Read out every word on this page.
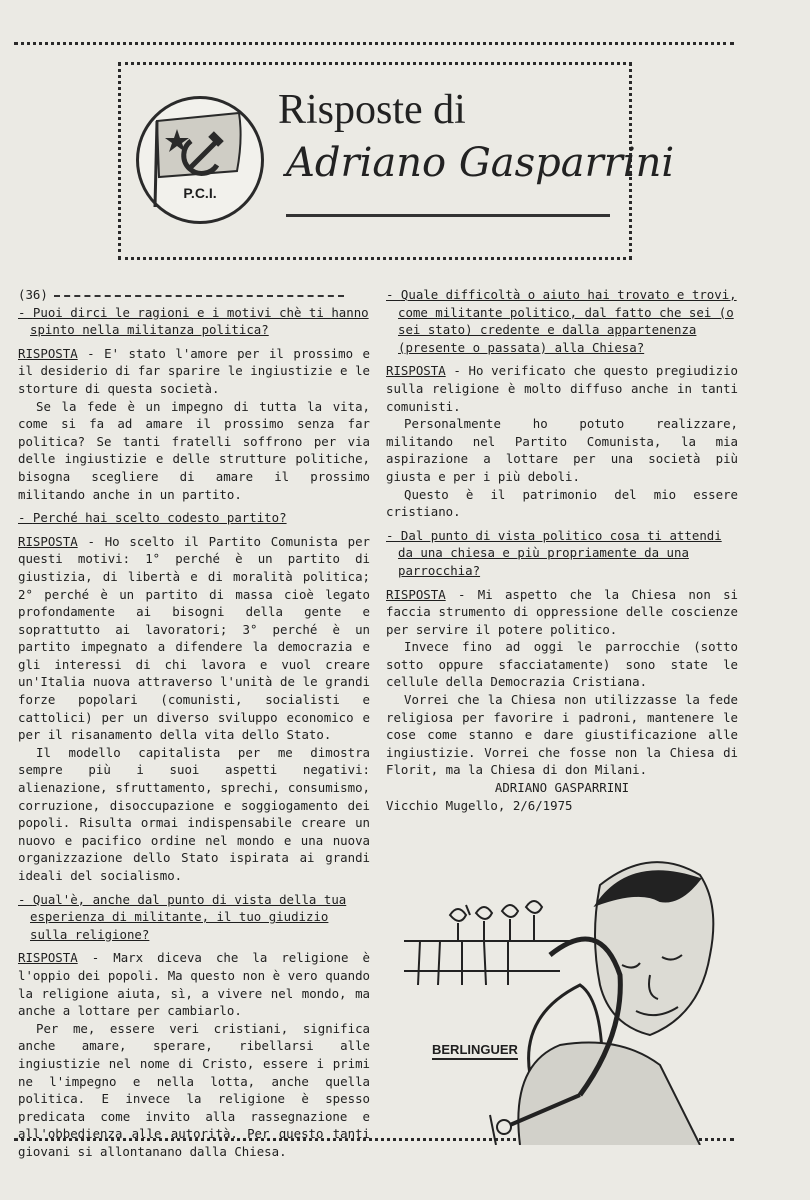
P.C.I.
Risposte di
Adriano Gasparrini

(36)

- Puoi dirci le ragioni e i motivi chè ti hanno spinto nella militanza politica?

RISPOSTA - E' stato l'amore per il prossimo e il desiderio di far sparire le ingiustizie e le storture di questa società.

Se la fede è un impegno di tutta la vita, come si fa ad amare il prossimo senza far politica? Se tanti fratelli soffrono per via delle ingiustizie e delle strutture politiche, bisogna scegliere di amare il prossimo militando anche in un partito.

- Perché hai scelto codesto partito?

RISPOSTA - Ho scelto il Partito Comunista per questi motivi: 1° perché è un partito di giustizia, di libertà e di moralità politica; 2° perché è un partito di massa cioè legato profondamente ai bisogni della gente e soprattutto ai lavoratori; 3° perché è un partito impegnato a difendere la democrazia e gli interessi di chi lavora e vuol creare un'Italia nuova attraverso l'unità de le grandi forze popolari (comunisti, socialisti e cattolici) per un diverso sviluppo economico e per il risanamento della vita dello Stato.

Il modello capitalista per me dimostra sempre più i suoi aspetti negativi: alienazione, sfruttamento, sprechi, consumismo, corruzione, disoccupazione e soggiogamento dei popoli. Risulta ormai indispensabile creare un nuovo e pacifico ordine nel mondo e una nuova organizzazione dello Stato ispirata ai grandi ideali del socialismo.

- Qual'è, anche dal punto di vista della tua esperienza di militante, il tuo giudizio sulla religione?

RISPOSTA - Marx diceva che la religione è l'oppio dei popoli. Ma questo non è vero quando la religione aiuta, sì, a vivere nel mondo, ma anche a lottare per cambiarlo.

Per me, essere veri cristiani, significa anche amare, sperare, ribellarsi alle ingiustizie nel nome di Cristo, essere i primi ne l'impegno e nella lotta, anche quella politica. E invece la religione è spesso predicata come invito alla rassegnazione e all'obbedienza alle autorità. Per questo tanti giovani si allontanano dalla Chiesa.

- Quale difficoltà o aiuto hai trovato e trovi, come militante politico, dal fatto che sei (o sei stato) credente e dalla appartenenza (presente o passata) alla Chiesa?

RISPOSTA - Ho verificato che questo pregiudizio sulla religione è molto diffuso anche in tanti comunisti.

Personalmente ho potuto realizzare, militando nel Partito Comunista, la mia aspirazione a lottare per una società più giusta e per i più deboli.

Questo è il patrimonio del mio essere cristiano.

- Dal punto di vista politico cosa ti attendi da una chiesa e più propriamente da una parrocchia?

RISPOSTA - Mi aspetto che la Chiesa non si faccia strumento di oppressione delle coscienze per servire il potere politico.

Invece fino ad oggi le parrocchie (sotto sotto oppure sfacciatamente) sono state le cellule della Democrazia Cristiana.

Vorrei che la Chiesa non utilizzasse la fede religiosa per favorire i padroni, mantenere le cose come stanno e dare giustificazione alle ingiustizie. Vorrei che fosse non la Chiesa di Florit, ma la Chiesa di don Milani.

ADRIANO GASPARRINI

Vicchio Mugello, 2/6/1975

BERLINGUER
